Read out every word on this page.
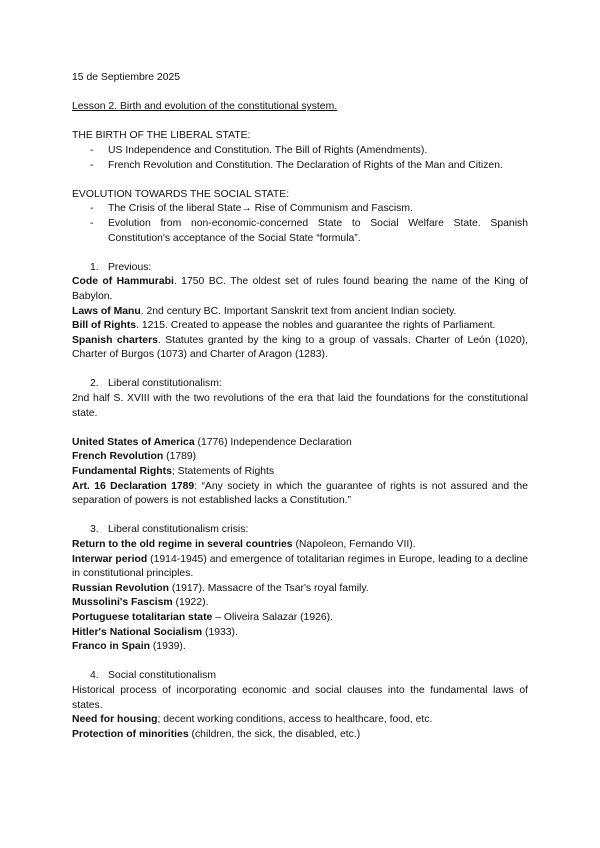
15 de Septiembre 2025

Lesson 2. Birth and evolution of the constitutional system.

THE BIRTH OF THE LIBERAL STATE:

- US Independence and Constitution. The Bill of Rights (Amendments).
- French Revolution and Constitution. The Declaration of Rights of the Man and Citizen.

EVOLUTION TOWARDS THE SOCIAL STATE:

- The Crisis of the liberal State→ Rise of Communism and Fascism.
- Evolution from non-economic-concerned State to Social Welfare State. Spanish Constitution's acceptance of the Social State “formula”.

1. Previous:

Code of Hammurabi. 1750 BC. The oldest set of rules found bearing the name of the King of Babylon.

Laws of Manu. 2nd century BC. Important Sanskrit text from ancient Indian society.

Bill of Rights. 1215. Created to appease the nobles and guarantee the rights of Parliament.

Spanish charters. Statutes granted by the king to a group of vassals. Charter of León (1020), Charter of Burgos (1073) and Charter of Aragon (1283).

2. Liberal constitutionalism:

2nd half S. XVIII with the two revolutions of the era that laid the foundations for the constitutional state.

United States of America (1776) Independence Declaration

French Revolution (1789)

Fundamental Rights; Statements of Rights

Art. 16 Declaration 1789: “Any society in which the guarantee of rights is not assured and the separation of powers is not established lacks a Constitution.”

3. Liberal constitutionalism crisis:

Return to the old regime in several countries (Napoleon, Fernando VII).

Interwar period (1914-1945) and emergence of totalitarian regimes in Europe, leading to a decline in constitutional principles.

Russian Revolution (1917). Massacre of the Tsar's royal family.

Mussolini's Fascism (1922).

Portuguese totalitarian state – Oliveira Salazar (1926).

Hitler's National Socialism (1933).

Franco in Spain (1939).

4. Social constitutionalism

Historical process of incorporating economic and social clauses into the fundamental laws of states.

Need for housing; decent working conditions, access to healthcare, food, etc.

Protection of minorities (children, the sick, the disabled, etc.)
